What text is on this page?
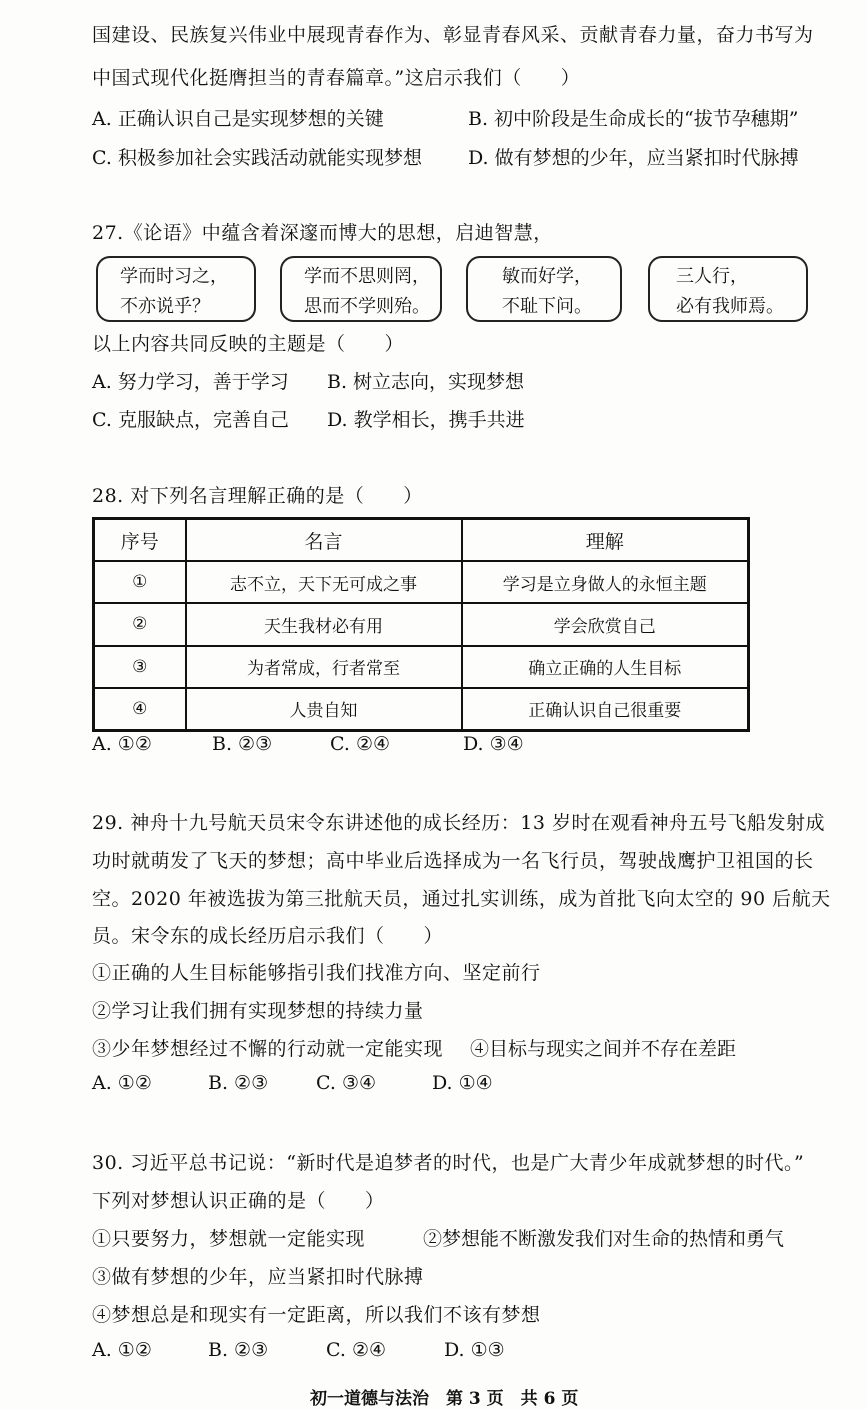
国建设、民族复兴伟业中展现青春作为、彰显青春风采、贡献青春力量，奋力书写为
中国式现代化挺膺担当的青春篇章。”这启示我们（　　）
A. 正确认识自己是实现梦想的关键	B. 初中阶段是生命成长的“拔节孕穗期”
C. 积极参加社会实践活动就能实现梦想 D. 做有梦想的少年，应当紧扣时代脉搏
27.《论语》中蕴含着深邃而博大的思想，启迪智慧，
学而时习之，
不亦说乎？
学而不思则罔，
思而不学则殆。
敏而好学，
不耻下问。
三人行，
必有我师焉。
以上内容共同反映的主题是（　　）
A. 努力学习，善于学习 B. 树立志向，实现梦想
C. 克服缺点，完善自己 D. 教学相长，携手共进
28. 对下列名言理解正确的是（　　）
序号	名言	理解
①	志不立，天下无可成之事	学习是立身做人的永恒主题
②	天生我材必有用	学会欣赏自己
③	为者常成，行者常至	确立正确的人生目标
④	人贵自知	正确认识自己很重要
A. ①②	B. ②③	C. ②④	D. ③④
29. 神舟十九号航天员宋令东讲述他的成长经历：13 岁时在观看神舟五号飞船发射成
功时就萌发了飞天的梦想；高中毕业后选择成为一名飞行员，驾驶战鹰护卫祖国的长
空。2020 年被选拔为第三批航天员，通过扎实训练，成为首批飞向太空的 90 后航天
员。宋令东的成长经历启示我们（　　）
①正确的人生目标能够指引我们找准方向、坚定前行
②学习让我们拥有实现梦想的持续力量
③少年梦想经过不懈的行动就一定能实现 ④目标与现实之间并不存在差距
A. ①②	B. ②③	C. ③④	D. ①④
30. 习近平总书记说：“新时代是追梦者的时代，也是广大青少年成就梦想的时代。”
下列对梦想认识正确的是（　　）
①只要努力，梦想就一定能实现	②梦想能不断激发我们对生命的热情和勇气
③做有梦想的少年，应当紧扣时代脉搏
④梦想总是和现实有一定距离，所以我们不该有梦想
A. ①②	B. ②③	C. ②④	D. ①③
初一道德与法治　第 3 页　共 6 页
